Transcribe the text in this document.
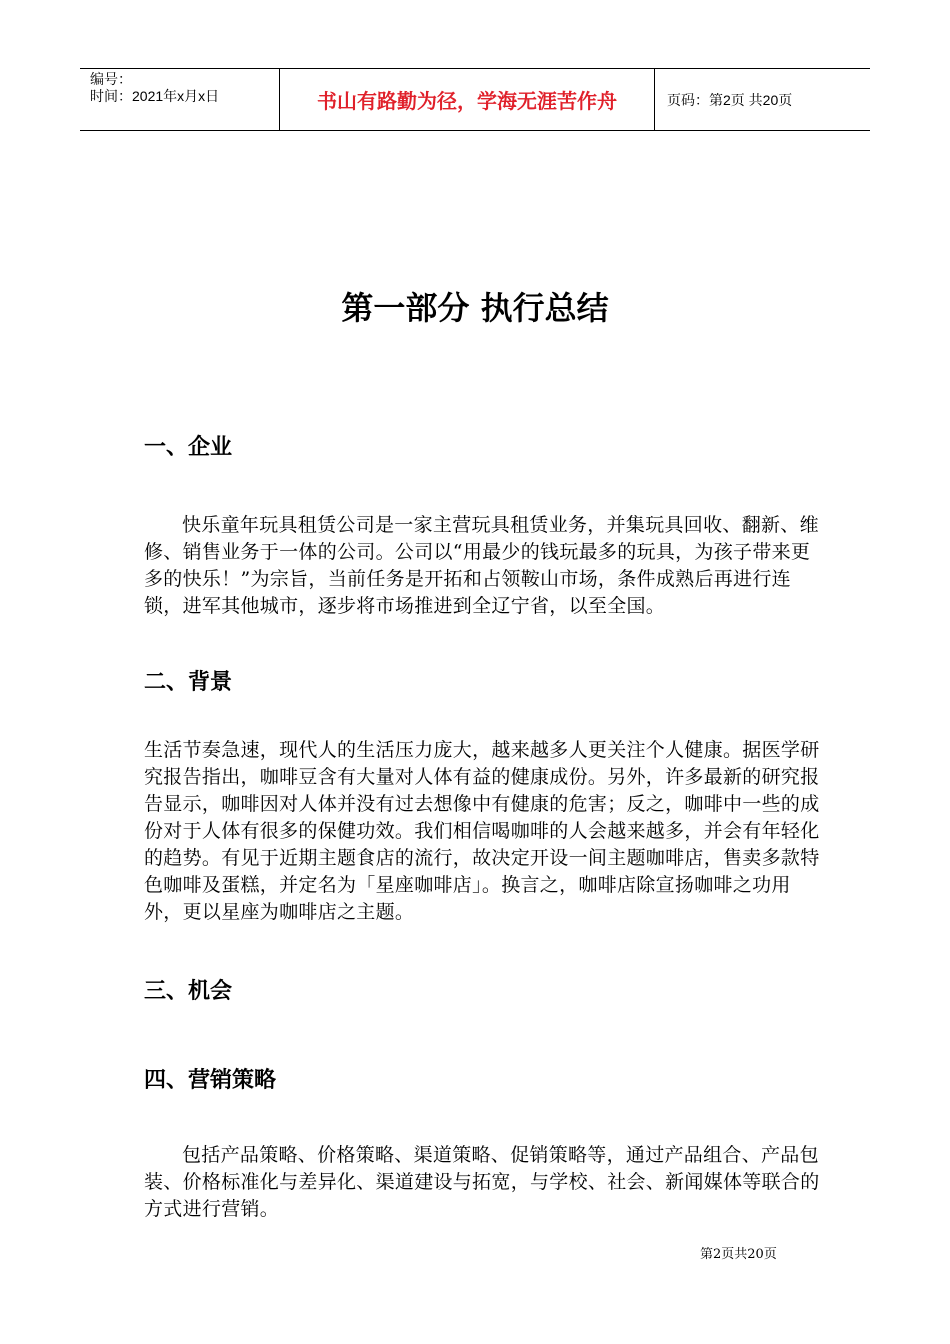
编号：
时间：2021年x月x日	书山有路勤为径，学海无涯苦作舟	页码：第2页 共20页
第一部分 执行总结
一、企业

快乐童年玩具租赁公司是一家主营玩具租赁业务，并集玩具回收、翻新、维修、销售业务于一体的公司。公司以“用最少的钱玩最多的玩具，为孩子带来更多的快乐！”为宗旨，当前任务是开拓和占领鞍山市场，条件成熟后再进行连锁，进军其他城市，逐步将市场推进到全辽宁省，以至全国。

二、背景

生活节奏急速，现代人的生活压力庞大，越来越多人更关注个人健康。据医学研究报告指出，咖啡豆含有大量对人体有益的健康成份。另外，许多最新的研究报告显示，咖啡因对人体并没有过去想像中有健康的危害；反之，咖啡中一些的成份对于人体有很多的保健功效。我们相信喝咖啡的人会越来越多，并会有年轻化的趋势。有见于近期主题食店的流行，故决定开设一间主题咖啡店，售卖多款特色咖啡及蛋糕，并定名为「星座咖啡店」。换言之，咖啡店除宣扬咖啡之功用外，更以星座为咖啡店之主题。

三、机会
四、营销策略

包括产品策略、价格策略、渠道策略、促销策略等，通过产品组合、产品包装、价格标准化与差异化、渠道建设与拓宽，与学校、社会、新闻媒体等联合的方式进行营销。

第2页共20页
